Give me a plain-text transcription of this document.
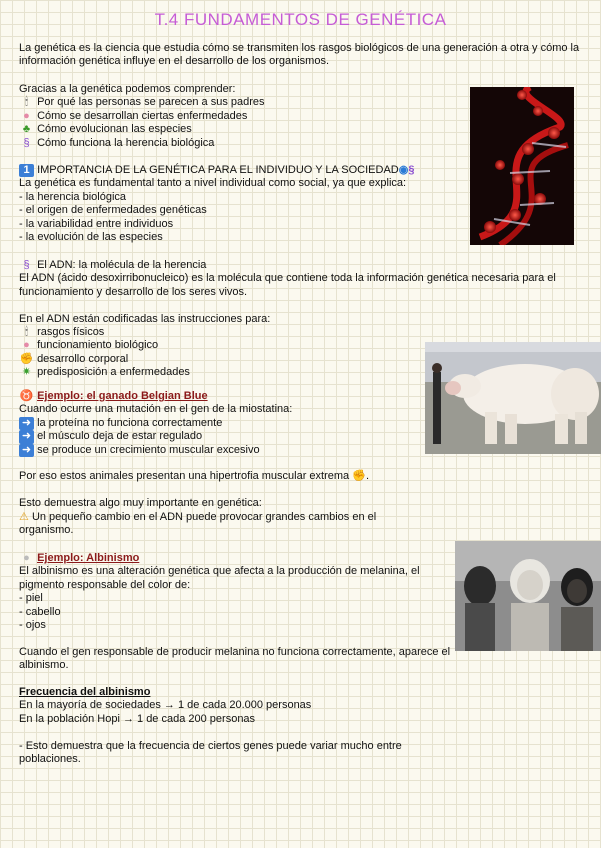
T.4 FUNDAMENTOS DE GENÉTICA
La genética es la ciencia que estudia cómo se transmiten los rasgos biológicos de una generación a otra y cómo la información genética influye en el desarrollo de los organismos.
Gracias a la genética podemos comprender:
🕯 Por qué las personas se parecen a sus padres
● Cómo se desarrollan ciertas enfermedades
♣ Cómo evolucionan las especies
§ Cómo funciona la herencia biológica
1 IMPORTANCIA DE LA GENÉTICA PARA EL INDIVIDUO Y LA SOCIEDAD◉§
La genética es fundamental tanto a nivel individual como social, ya que explica:
- la herencia biológica
- el origen de enfermedades genéticas
- la variabilidad entre individuos
- la evolución de las especies
§ El ADN: la molécula de la herencia
El ADN (ácido desoxirribonucleico) es la molécula que contiene toda la información genética necesaria para el funcionamiento y desarrollo de los seres vivos.
En el ADN están codificadas las instrucciones para:
🕯 rasgos físicos
● funcionamiento biológico
✊ desarrollo corporal
✷ predisposición a enfermedades
♉ Ejemplo: el ganado Belgian Blue
Cuando ocurre una mutación en el gen de la miostatina:
➜ la proteína no funciona correctamente
➜ el músculo deja de estar regulado
➜ se produce un crecimiento muscular excesivo
Por eso estos animales presentan una hipertrofia muscular extrema ✊.
Esto demuestra algo muy importante en genética:
⚠ Un pequeño cambio en el ADN puede provocar grandes cambios en el organismo.
● Ejemplo: Albinismo
El albinismo es una alteración genética que afecta a la producción de melanina, el pigmento responsable del color de:
- piel
- cabello
- ojos
Cuando el gen responsable de producir melanina no funciona correctamente, aparece el albinismo.
Frecuencia del albinismo
En la mayoría de sociedades → 1 de cada 20.000 personas
En la población Hopi → 1 de cada 200 personas
- Esto demuestra que la frecuencia de ciertos genes puede variar mucho entre poblaciones.
